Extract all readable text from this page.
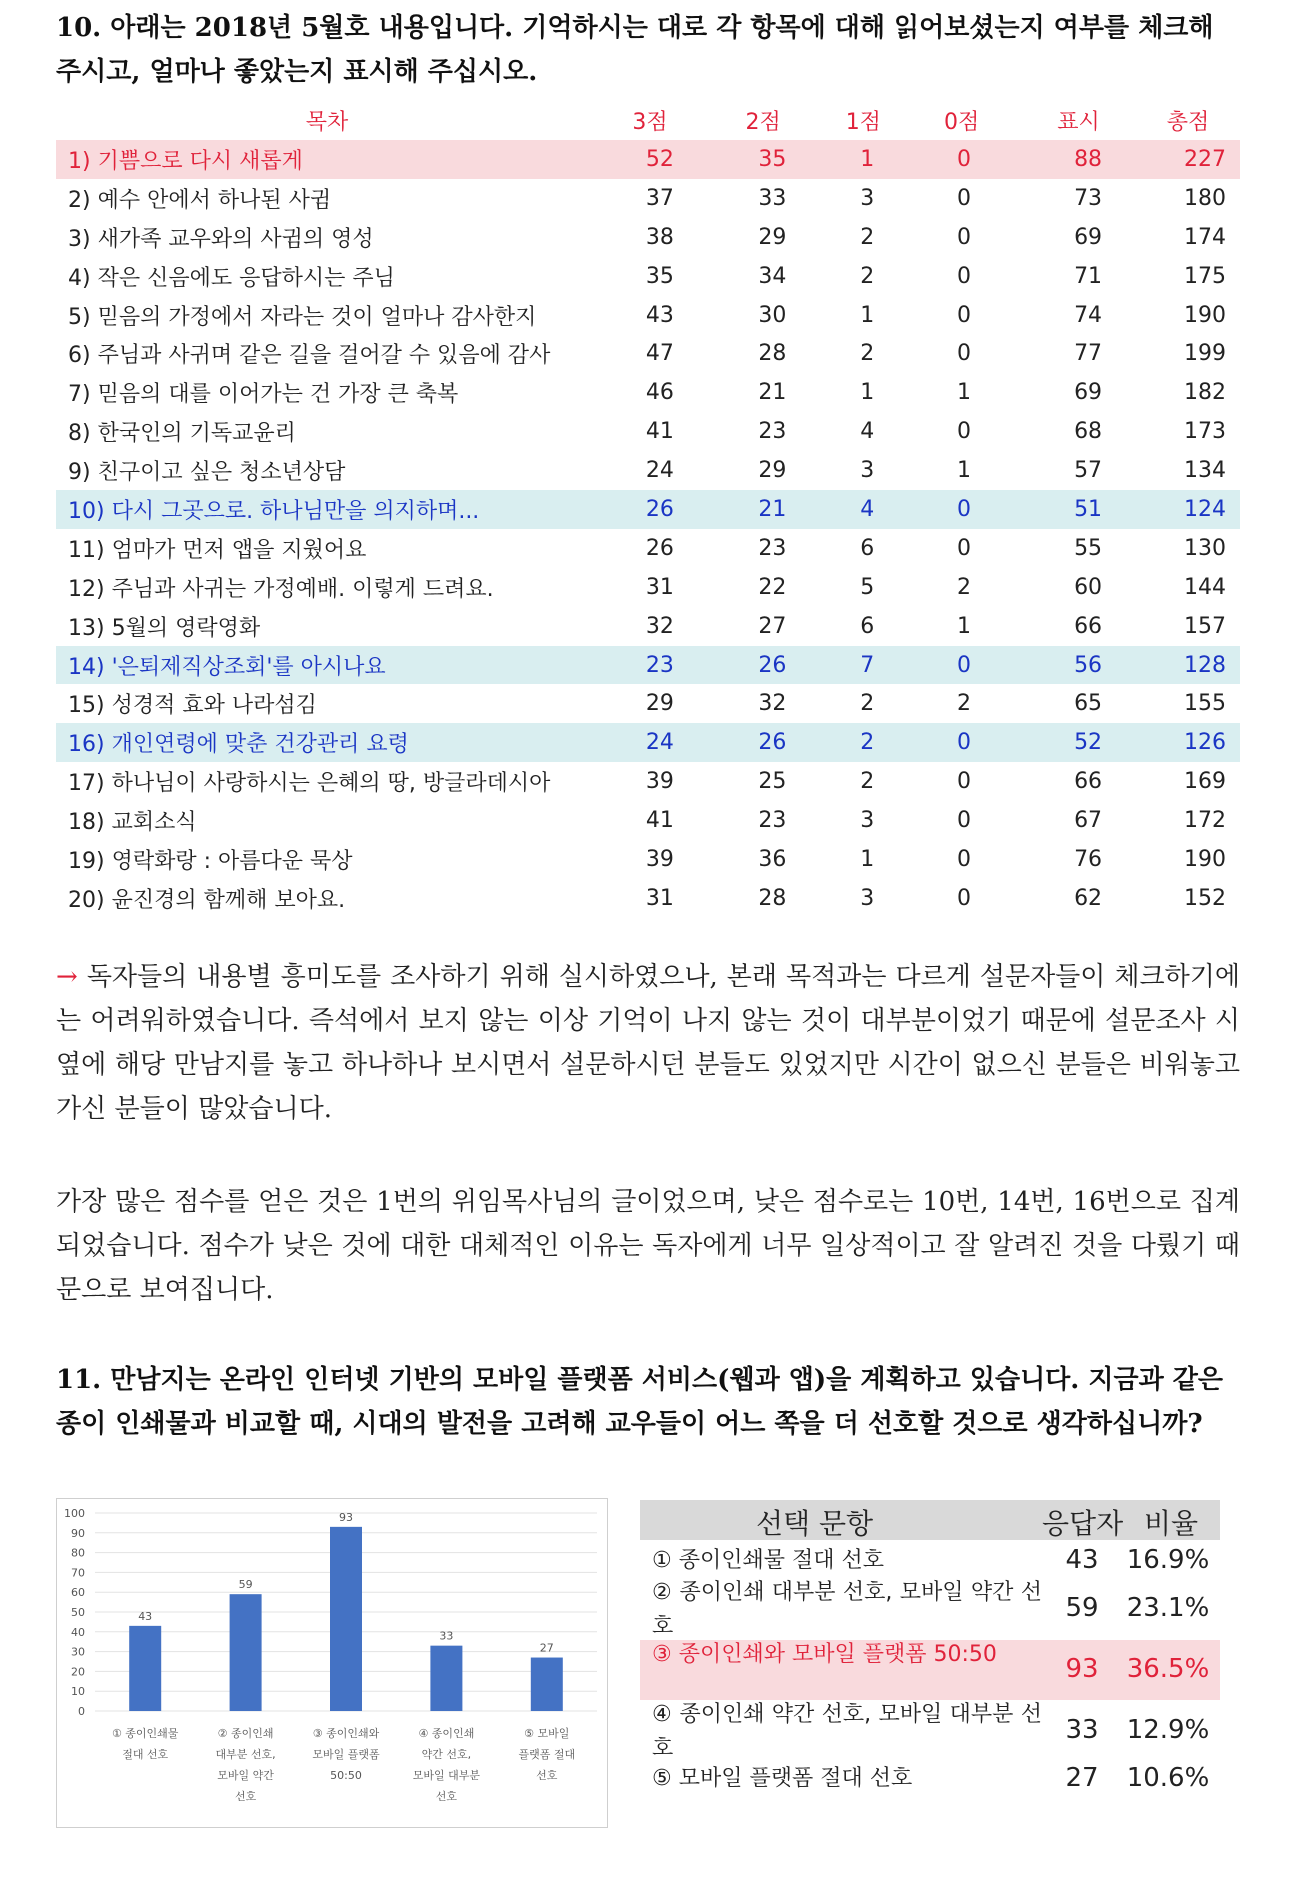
10. 아래는 2018년 5월호 내용입니다. 기억하시는 대로 각 항목에 대해 읽어보셨는지 여부를 체크해 주시고, 얼마나 좋았는지 표시해 주십시오.
목차	3점	2점	1점	0점	표시	총점
1) 기쁨으로 다시 새롭게	52	35	1	0	88	227
2) 예수 안에서 하나된 사귐	37	33	3	0	73	180
3) 새가족 교우와의 사귐의 영성	38	29	2	0	69	174
4) 작은 신음에도 응답하시는 주님	35	34	2	0	71	175
5) 믿음의 가정에서 자라는 것이 얼마나 감사한지	43	30	1	0	74	190
6) 주님과 사귀며 같은 길을 걸어갈 수 있음에 감사	47	28	2	0	77	199
7) 믿음의 대를 이어가는 건 가장 큰 축복	46	21	1	1	69	182
8) 한국인의 기독교윤리	41	23	4	0	68	173
9) 친구이고 싶은 청소년상담	24	29	3	1	57	134
10) 다시 그곳으로. 하나님만을 의지하며...	26	21	4	0	51	124
11) 엄마가 먼저 앱을 지웠어요	26	23	6	0	55	130
12) 주님과 사귀는 가정예배. 이렇게 드려요.	31	22	5	2	60	144
13) 5월의 영락영화	32	27	6	1	66	157
14) '은퇴제직상조회'를 아시나요	23	26	7	0	56	128
15) 성경적 효와 나라섬김	29	32	2	2	65	155
16) 개인연령에 맞춘 건강관리 요령	24	26	2	0	52	126
17) 하나님이 사랑하시는 은혜의 땅, 방글라데시아	39	25	2	0	66	169
18) 교회소식	41	23	3	0	67	172
19) 영락화랑 : 아름다운 묵상	39	36	1	0	76	190
20) 윤진경의 함께해 보아요.	31	28	3	0	62	152
→ 독자들의 내용별 흥미도를 조사하기 위해 실시하였으나, 본래 목적과는 다르게 설문자들이 체크하기에는 어려워하였습니다. 즉석에서 보지 않는 이상 기억이 나지 않는 것이 대부분이었기 때문에 설문조사 시 옆에 해당 만남지를 놓고 하나하나 보시면서 설문하시던 분들도 있었지만 시간이 없으신 분들은 비워놓고 가신 분들이 많았습니다.
가장 많은 점수를 얻은 것은 1번의 위임목사님의 글이었으며, 낮은 점수로는 10번, 14번, 16번으로 집계되었습니다. 점수가 낮은 것에 대한 대체적인 이유는 독자에게 너무 일상적이고 잘 알려진 것을 다뤘기 때문으로 보여집니다.
11. 만남지는 온라인 인터넷 기반의 모바일 플랫폼 서비스(웹과 앱)을 계획하고 있습니다. 지금과 같은 종이 인쇄물과 비교할 때, 시대의 발전을 고려해 교우들이 어느 쪽을 더 선호할 것으로 생각하십니까?
0
10
20
30
40
50
60
70
80
90
100
43
① 종이인쇄물
절대 선호
59
② 종이인쇄
대부분 선호,
모바일 약간
선호
93
③ 종이인쇄와
모바일 플랫폼
50:50
33
④ 종이인쇄
약간 선호,
모바일 대부분
선호
27
⑤ 모바일
플랫폼 절대
선호
선택 문항	응답자 비율
① 종이인쇄물 절대 선호	43	16.9%
② 종이인쇄 대부분 선호, 모바일 약간 선호
59	23.1%
③ 종이인쇄와 모바일 플랫폼 50:50	93	36.5%
④ 종이인쇄 약간 선호, 모바일 대부분 선호
33	12.9%
⑤ 모바일 플랫폼 절대 선호	27	10.6%
